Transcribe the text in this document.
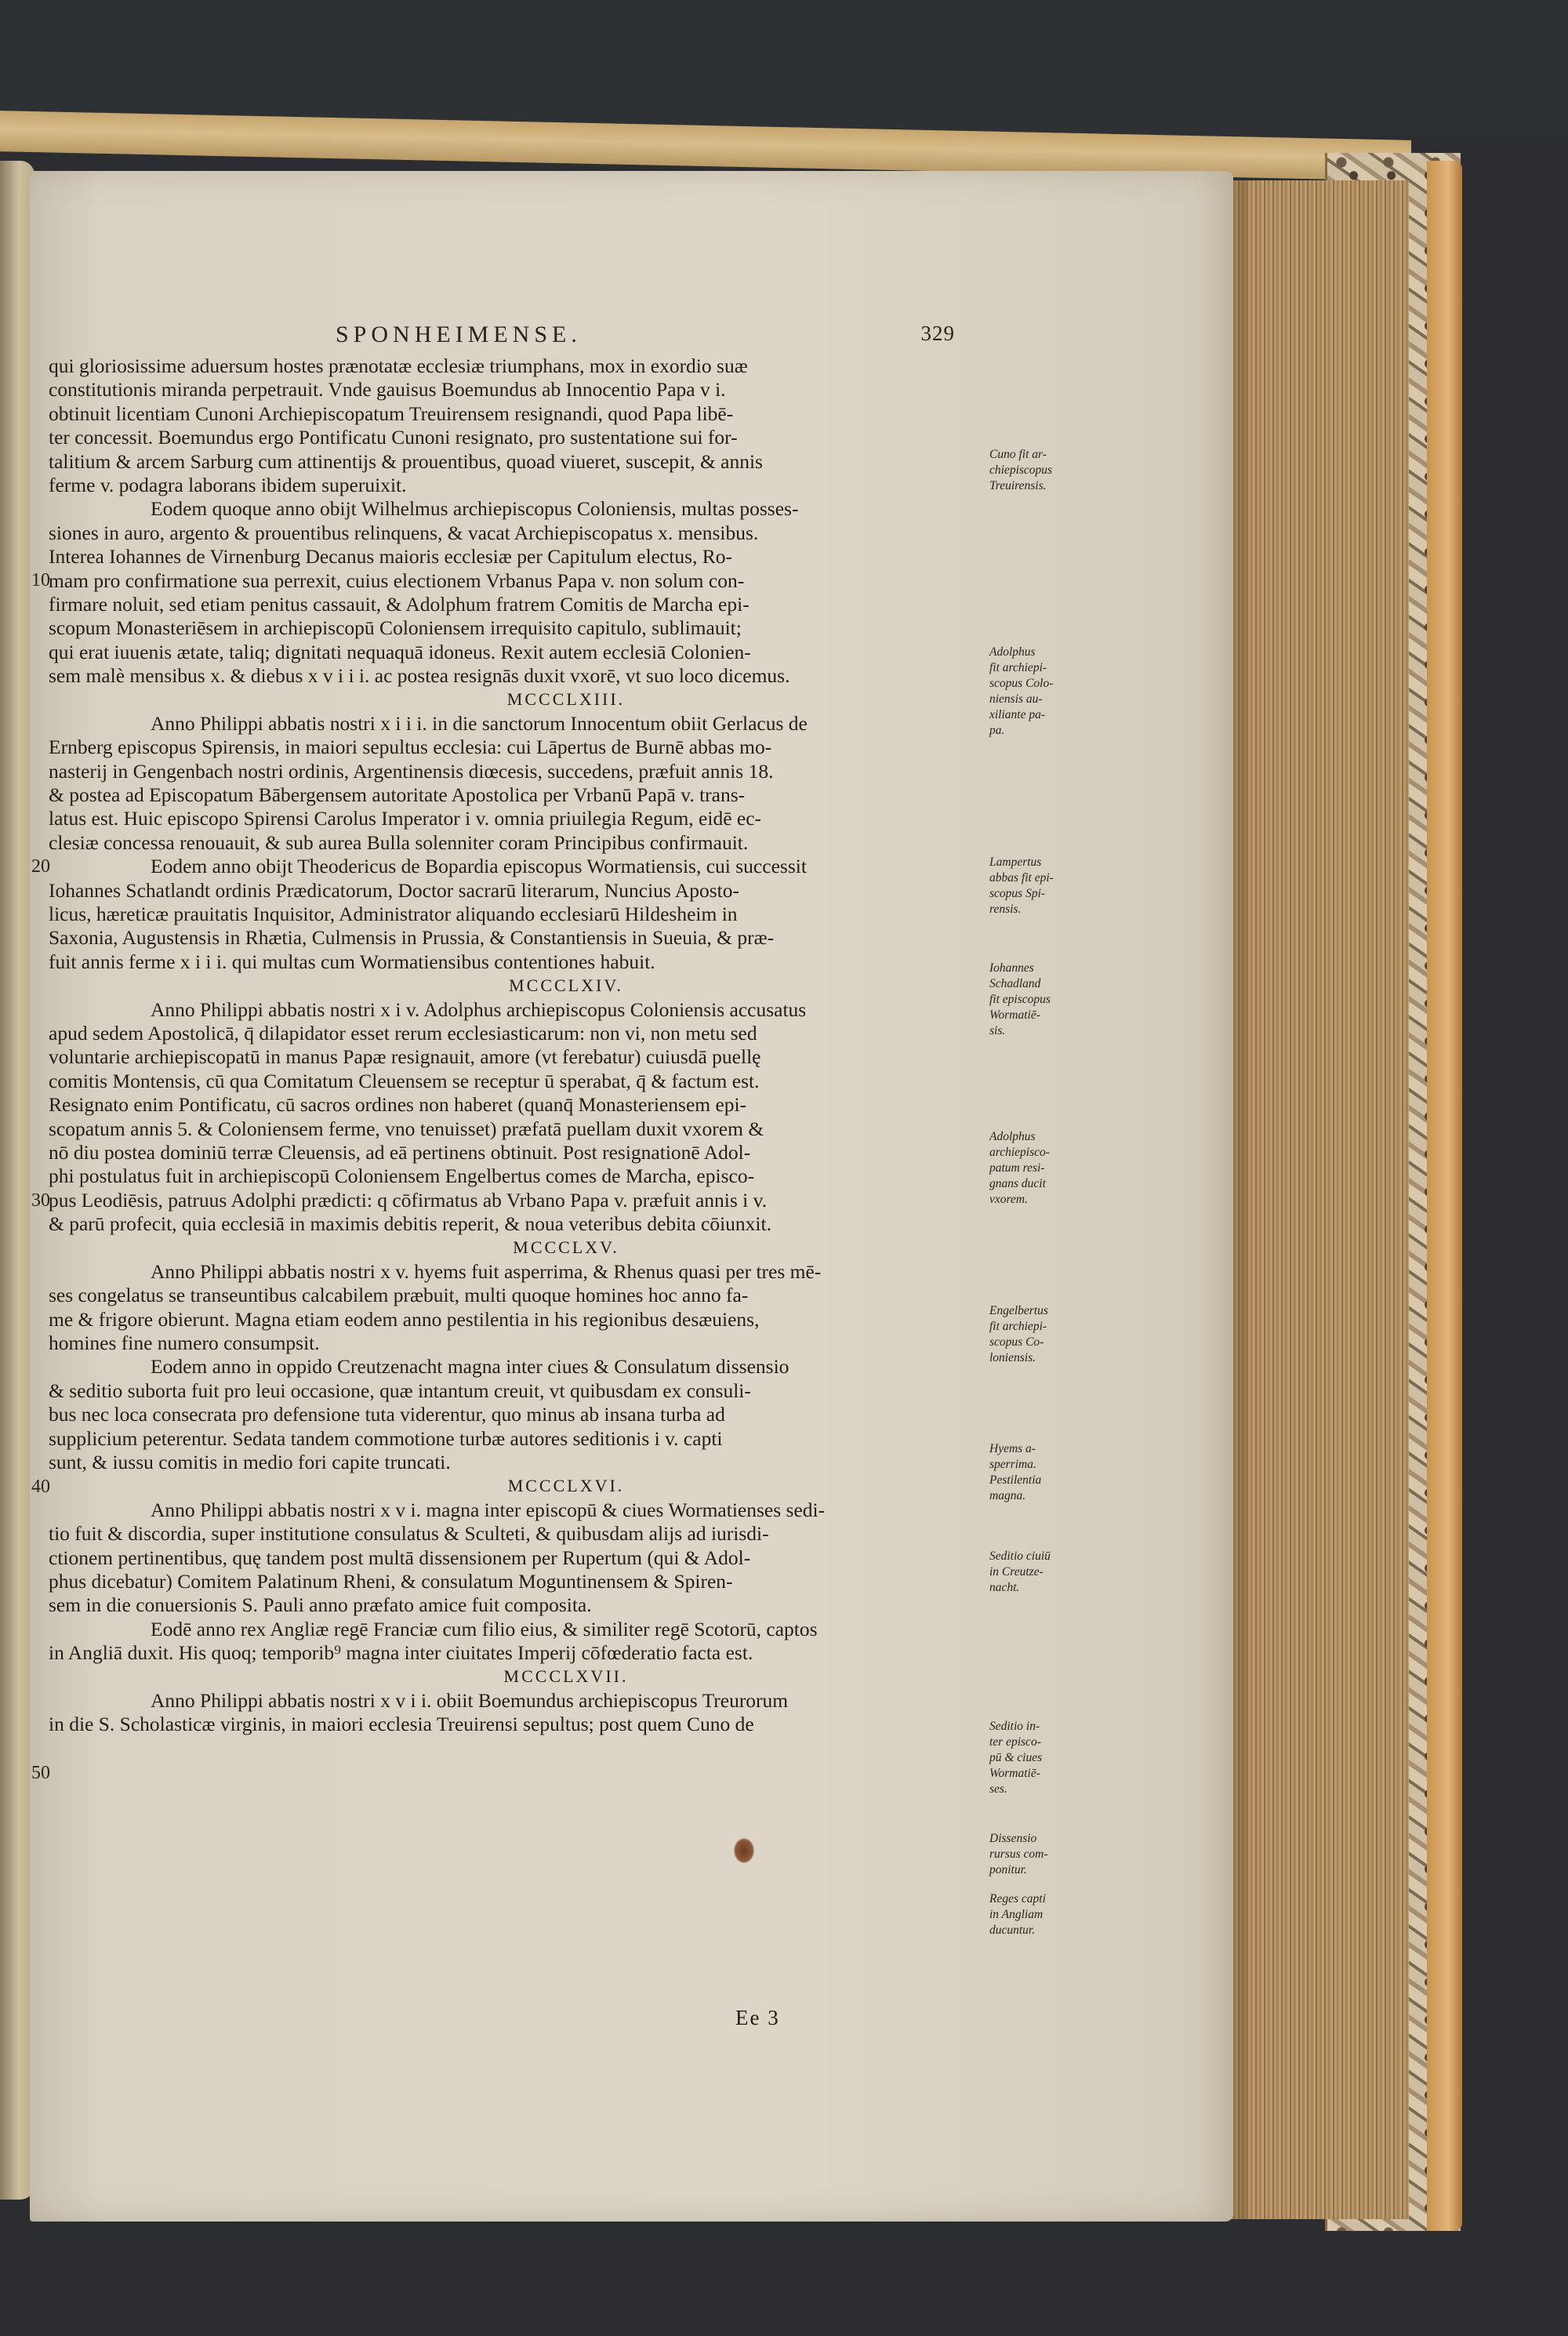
SPONHEIMENSE.	329
10
20
30
40
50
qui gloriosissime aduersum hostes prænotatæ ecclesiæ triumphans, mox in exordio suæ
constitutionis miranda perpetrauit. Vnde gauisus Boemundus ab Innocentio Papa v i.
obtinuit licentiam Cunoni Archiepiscopatum Treuirensem resignandi, quod Papa libē-
ter concessit. Boemundus ergo Pontificatu Cunoni resignato, pro sustentatione sui for-
talitium & arcem Sarburg cum attinentijs & prouentibus, quoad viueret, suscepit, & annis
ferme v. podagra laborans ibidem superuixit.
Eodem quoque anno obijt Wilhelmus archiepiscopus Coloniensis, multas posses-
siones in auro, argento & prouentibus relinquens, & vacat Archiepiscopatus x. mensibus.
Interea Iohannes de Virnenburg Decanus maioris ecclesiæ per Capitulum electus, Ro-
mam pro confirmatione sua perrexit, cuius electionem Vrbanus Papa v. non solum con-
firmare noluit, sed etiam penitus cassauit, & Adolphum fratrem Comitis de Marcha epi-
scopum Monasteriēsem in archiepiscopū Coloniensem irrequisito capitulo, sublimauit;
qui erat iuuenis ætate, taliq; dignitati nequaquā idoneus. Rexit autem ecclesiā Colonien-
sem malè mensibus x. & diebus x v i i i. ac postea resignās duxit vxorē, vt suo loco dicemus.
MCCCLXIII.
Anno Philippi abbatis nostri x i i i. in die sanctorum Innocentum obiit Gerlacus de
Ernberg episcopus Spirensis, in maiori sepultus ecclesia: cui Lāpertus de Burnē abbas mo-
nasterij in Gengenbach nostri ordinis, Argentinensis diœcesis, succedens, præfuit annis 18.
& postea ad Episcopatum Bābergensem autoritate Apostolica per Vrbanū Papā v. trans-
latus est. Huic episcopo Spirensi Carolus Imperator i v. omnia priuilegia Regum, eidē ec-
clesiæ concessa renouauit, & sub aurea Bulla solenniter coram Principibus confirmauit.
Eodem anno obijt Theodericus de Bopardia episcopus Wormatiensis, cui successit
Iohannes Schatlandt ordinis Prædicatorum, Doctor sacrarū literarum, Nuncius Aposto-
licus, hæreticæ prauitatis Inquisitor, Administrator aliquando ecclesiarū Hildesheim in
Saxonia, Augustensis in Rhætia, Culmensis in Prussia, & Constantiensis in Sueuia, & præ-
fuit annis ferme x i i i. qui multas cum Wormatiensibus contentiones habuit.
MCCCLXIV.
Anno Philippi abbatis nostri x i v. Adolphus archiepiscopus Coloniensis accusatus
apud sedem Apostolicā, q̄ dilapidator esset rerum ecclesiasticarum: non vi, non metu sed
voluntarie archiepiscopatū in manus Papæ resignauit, amore (vt ferebatur) cuiusdā puellę
comitis Montensis, cū qua Comitatum Cleuensem se receptur ū sperabat, q̄ & factum est.
Resignato enim Pontificatu, cū sacros ordines non haberet (quanq̄ Monasteriensem epi-
scopatum annis 5. & Coloniensem ferme, vno tenuisset) præfatā puellam duxit vxorem &
nō diu postea dominiū terræ Cleuensis, ad eā pertinens obtinuit. Post resignationē Adol-
phi postulatus fuit in archiepiscopū Coloniensem Engelbertus comes de Marcha, episco-
pus Leodiēsis, patruus Adolphi prædicti: q cōfirmatus ab Vrbano Papa v. præfuit annis i v.
& parū profecit, quia ecclesiā in maximis debitis reperit, & noua veteribus debita cōiunxit.
MCCCLXV.
Anno Philippi abbatis nostri x v. hyems fuit asperrima, & Rhenus quasi per tres mē-
ses congelatus se transeuntibus calcabilem præbuit, multi quoque homines hoc anno fa-
me & frigore obierunt. Magna etiam eodem anno pestilentia in his regionibus desæuiens,
homines fine numero consumpsit.
Eodem anno in oppido Creutzenacht magna inter ciues & Consulatum dissensio
& seditio suborta fuit pro leui occasione, quæ intantum creuit, vt quibusdam ex consuli-
bus nec loca consecrata pro defensione tuta viderentur, quo minus ab insana turba ad
supplicium peterentur. Sedata tandem commotione turbæ autores seditionis i v. capti
sunt, & iussu comitis in medio fori capite truncati.
MCCCLXVI.
Anno Philippi abbatis nostri x v i. magna inter episcopū & ciues Wormatienses sedi-
tio fuit & discordia, super institutione consulatus & Sculteti, & quibusdam alijs ad iurisdi-
ctionem pertinentibus, quę tandem post multā dissensionem per Rupertum (qui & Adol-
phus dicebatur) Comitem Palatinum Rheni, & consulatum Moguntinensem & Spiren-
sem in die conuersionis S. Pauli anno præfato amice fuit composita.
Eodē anno rex Angliæ regē Franciæ cum filio eius, & similiter regē Scotorū, captos
in Angliā duxit. His quoq; temporib⁹ magna inter ciuitates Imperij cōfœderatio facta est.
MCCCLXVII.
Anno Philippi abbatis nostri x v i i. obiit Boemundus archiepiscopus Treurorum
in die S. Scholasticæ virginis, in maiori ecclesia Treuirensi sepultus; post quem Cuno de
Cuno fit ar-
chiepiscopus
Treuirensis.
Adolphus
fit archiepi-
scopus Colo-
niensis au-
xiliante pa-
pa.
Lampertus
abbas fit epi-
scopus Spi-
rensis.
Iohannes
Schadland
fit episcopus
Wormatiē-
sis.
Adolphus
archiepisco-
patum resi-
gnans ducit
vxorem.
Engelbertus
fit archiepi-
scopus Co-
loniensis.
Hyems a-
sperrima.
Pestilentia
magna.
Seditio ciuiū
in Creutze-
nacht.
Seditio in-
ter episco-
pū & ciues
Wormatiē-
ses.
Dissensio
rursus com-
ponitur.
Reges capti
in Angliam
ducuntur.
Ee 3
